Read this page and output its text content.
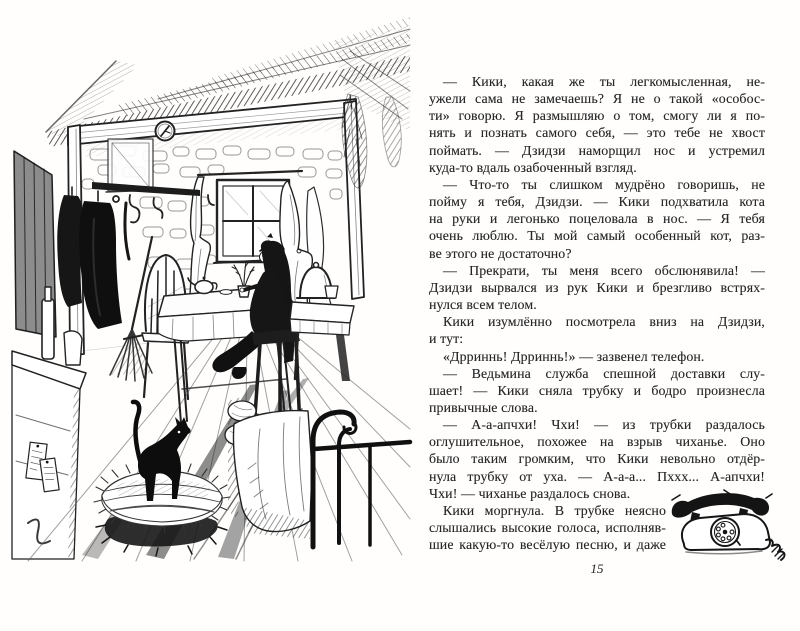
— Кики, какая же ты легкомысленная, не-
ужели сама не замечаешь? Я не о такой «особос-
ти» говорю. Я размышляю о том, смогу ли я по-
нять и познать самого себя, — это тебе не хвост
поймать. — Дзидзи наморщил нос и устремил
куда-то вдаль озабоченный взгляд.
— Что-то ты слишком мудрёно говоришь, не
пойму я тебя, Дзидзи. — Кики подхватила кота
на руки и легонько поцеловала в нос. — Я тебя
очень люблю. Ты мой самый особенный кот, раз-
ве этого не достаточно?
— Прекрати, ты меня всего обслюнявила! —
Дзидзи вырвался из рук Кики и брезгливо встрях-
нулся всем телом.
Кики изумлённо посмотрела вниз на Дзидзи,
и тут:
«Дрриннь! Дрриннь!» — зазвенел телефон.
— Ведьмина служба спешной доставки слу-
шает! — Кики сняла трубку и бодро произнесла
привычные слова.
— А-а-апчхи! Чхи! — из трубки раздалось
оглушительное, похожее на взрыв чиханье. Оно
было таким громким, что Кики невольно отдёр-
нула трубку от уха. — А-а-а... Пххх... А-апчхи!
Чхи! — чиханье раздалось снова.
Кики моргнула. В трубке неясно
слышались высокие голоса, исполняв-
шие какую-то весёлую песню, и даже
15
